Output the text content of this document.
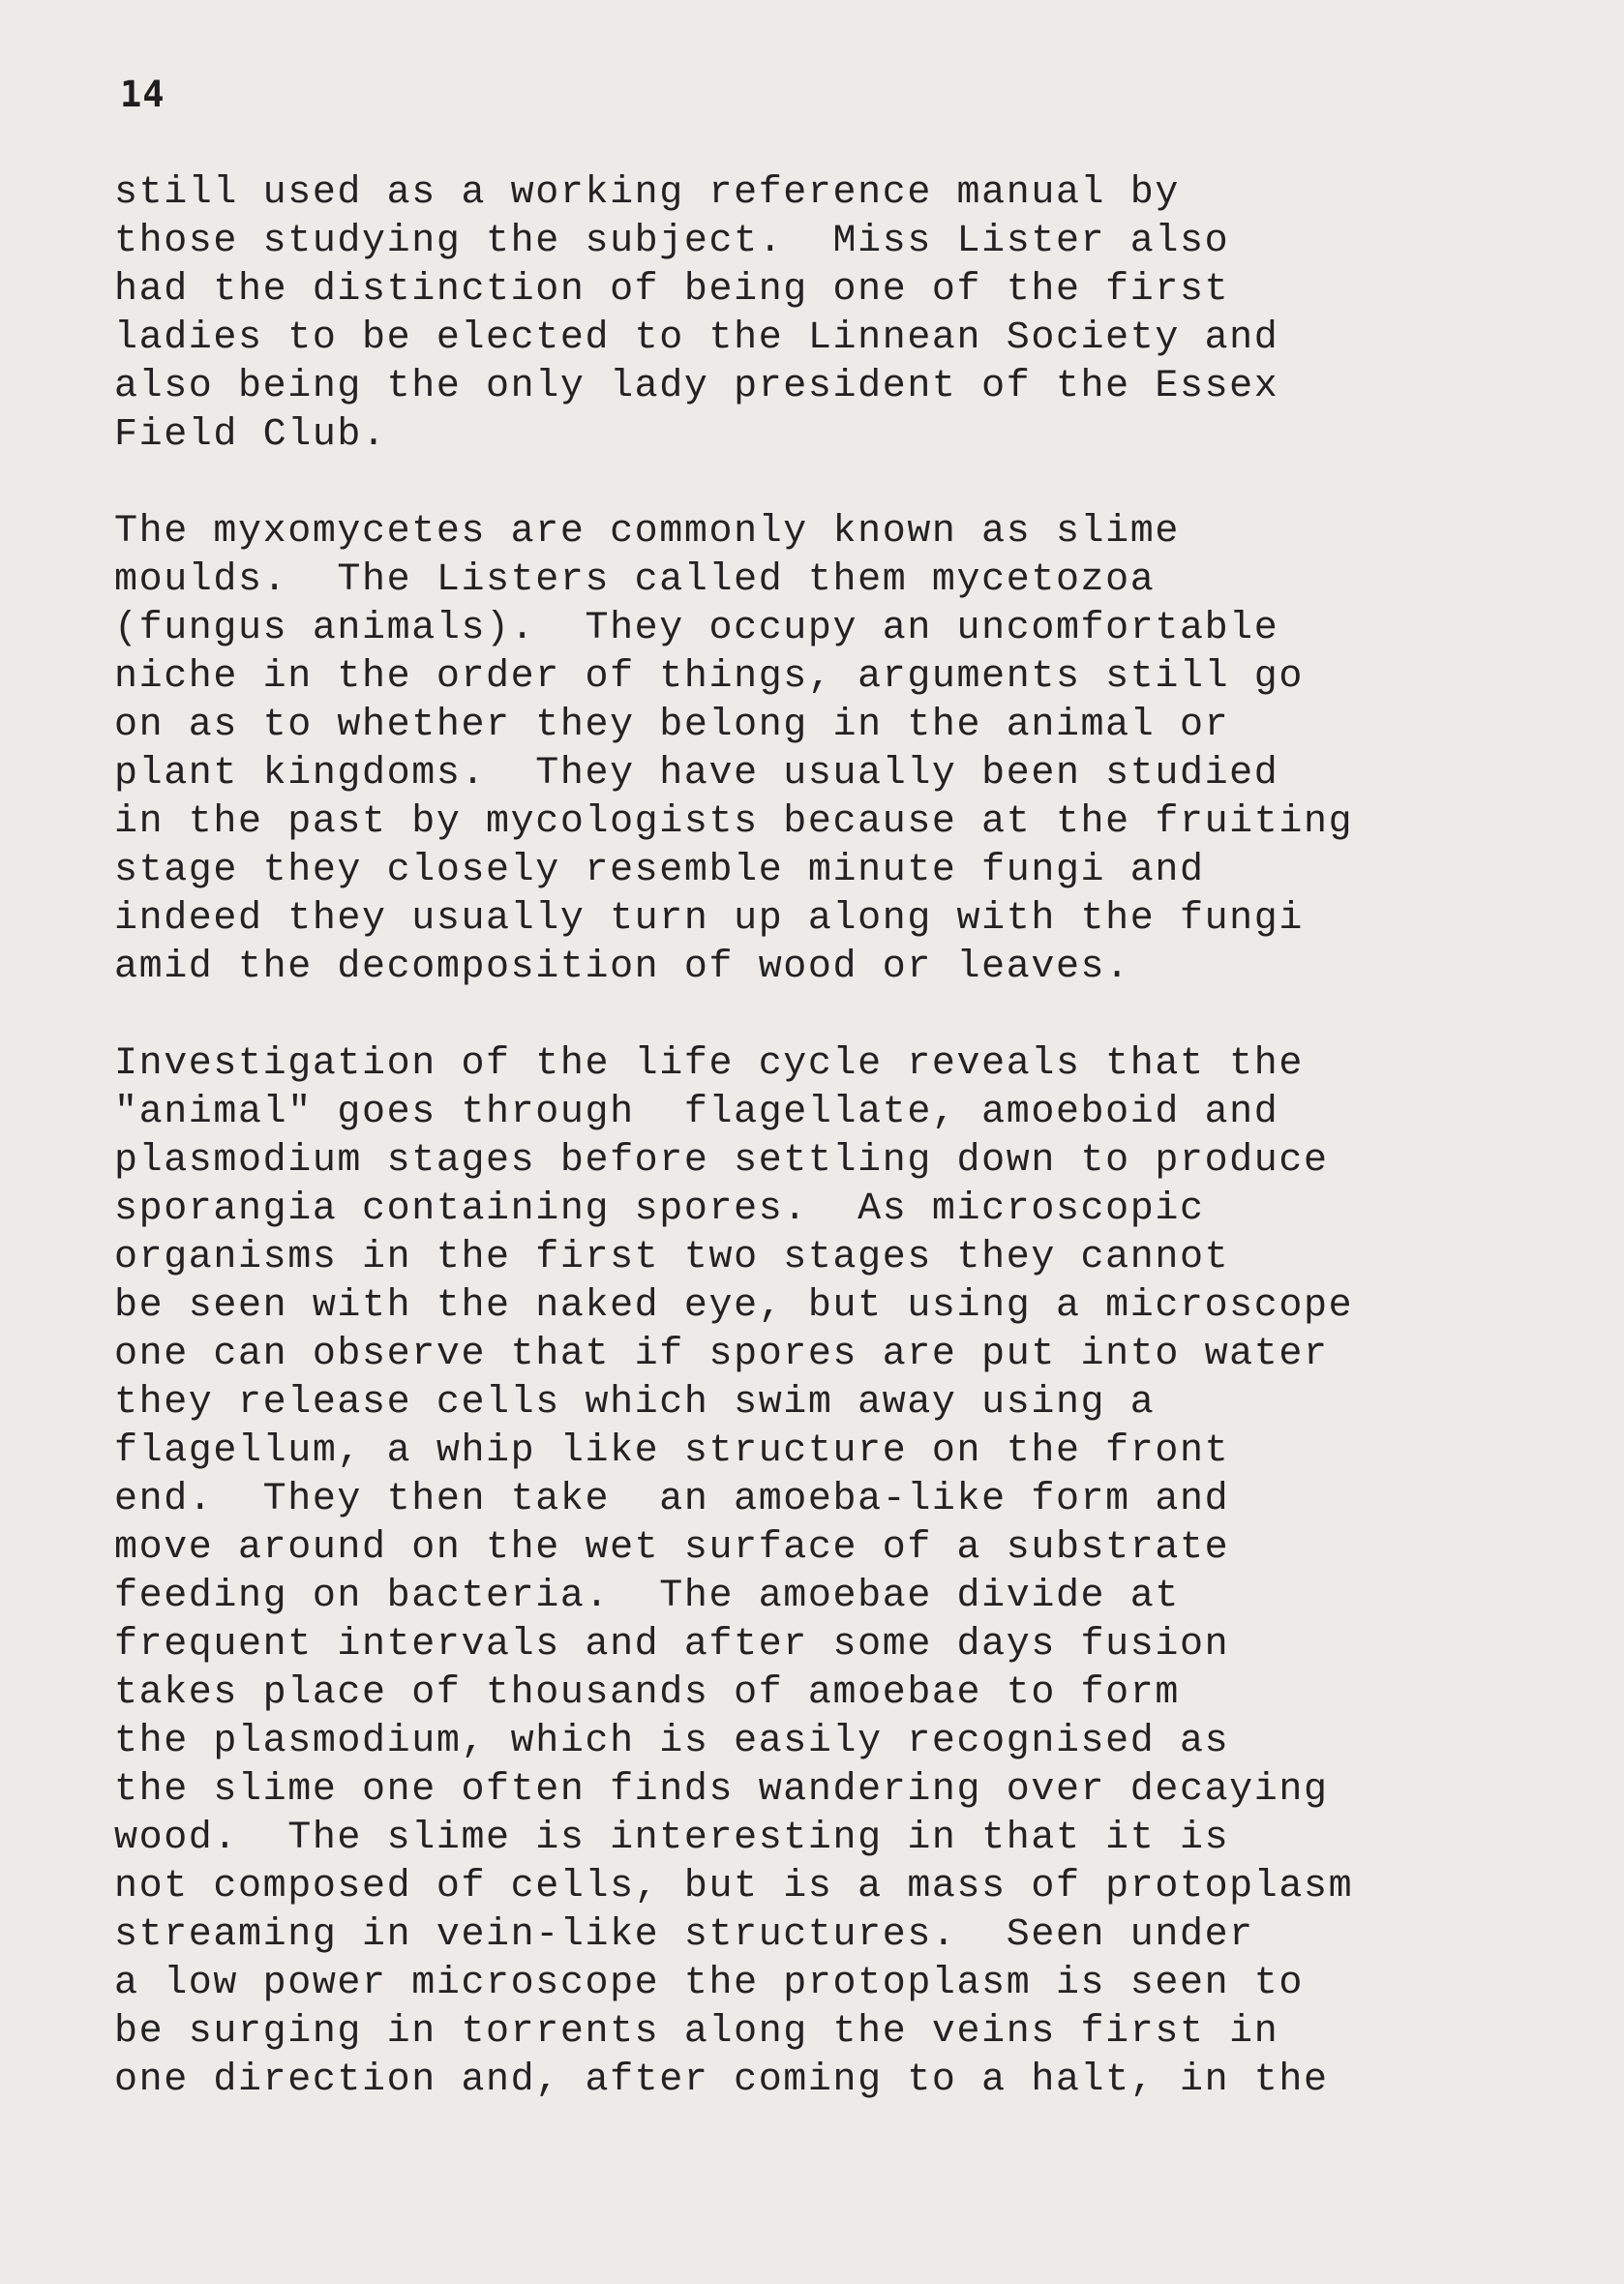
14
still used as a working reference manual by
those studying the subject.  Miss Lister also
had the distinction of being one of the first
ladies to be elected to the Linnean Society and
also being the only lady president of the Essex
Field Club.
The myxomycetes are commonly known as slime
moulds.  The Listers called them mycetozoa
(fungus animals).  They occupy an uncomfortable
niche in the order of things, arguments still go
on as to whether they belong in the animal or
plant kingdoms.  They have usually been studied
in the past by mycologists because at the fruiting
stage they closely resemble minute fungi and
indeed they usually turn up along with the fungi
amid the decomposition of wood or leaves.
Investigation of the life cycle reveals that the
"animal" goes through  flagellate, amoeboid and
plasmodium stages before settling down to produce
sporangia containing spores.  As microscopic
organisms in the first two stages they cannot
be seen with the naked eye, but using a microscope
one can observe that if spores are put into water
they release cells which swim away using a
flagellum, a whip like structure on the front
end.  They then take  an amoeba-like form and
move around on the wet surface of a substrate
feeding on bacteria.  The amoebae divide at
frequent intervals and after some days fusion
takes place of thousands of amoebae to form
the plasmodium, which is easily recognised as
the slime one often finds wandering over decaying
wood.  The slime is interesting in that it is
not composed of cells, but is a mass of protoplasm
streaming in vein-like structures.  Seen under
a low power microscope the protoplasm is seen to
be surging in torrents along the veins first in
one direction and, after coming to a halt, in the
